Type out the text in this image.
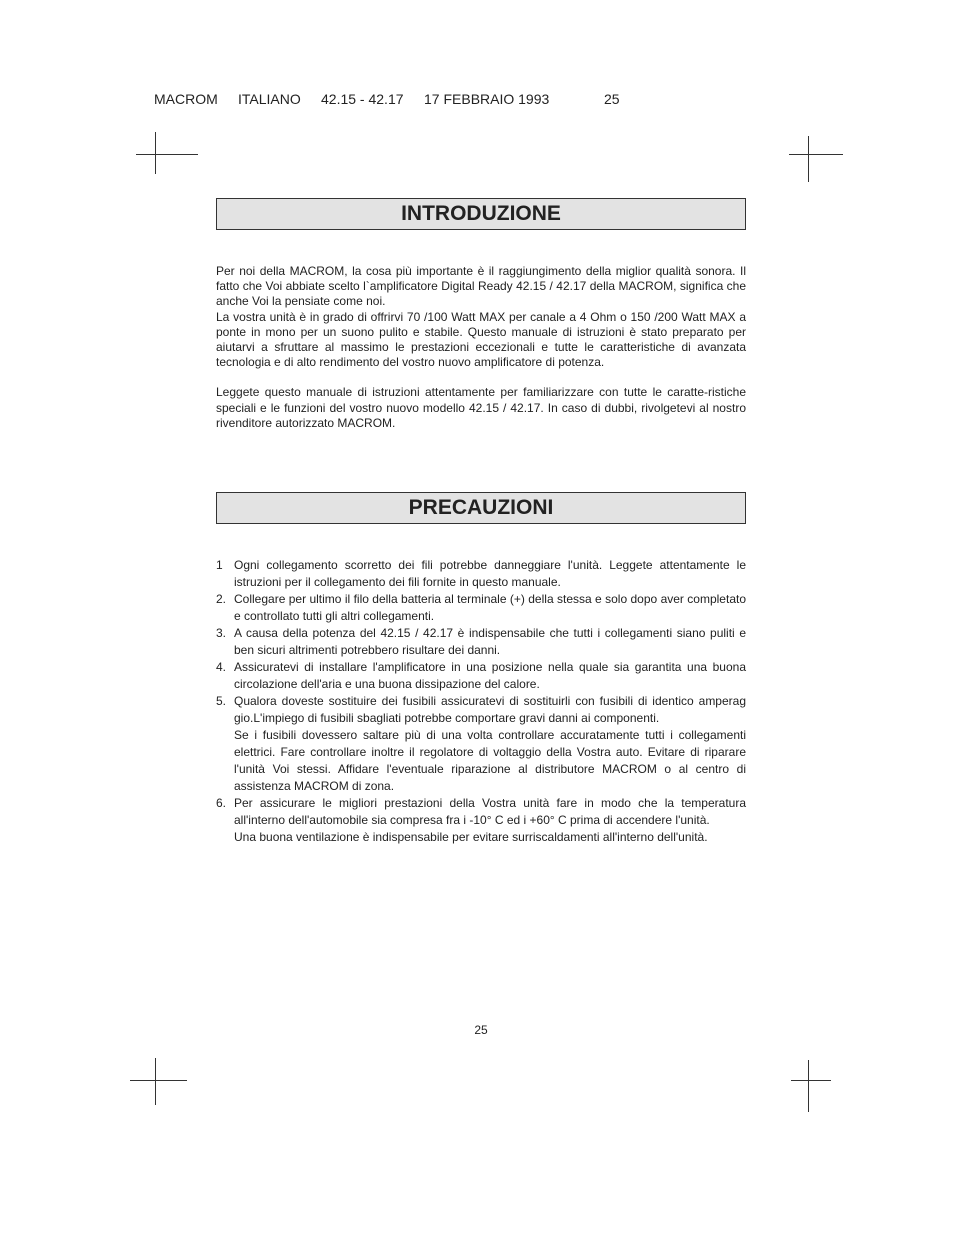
MACROM ITALIANO 42.15 - 42.17 17 FEBBRAIO 1993	25
INTRODUZIONE

Per noi della MACROM, la cosa più importante è il raggiungimento della miglior qualità sonora. Il fatto che Voi abbiate scelto l`amplificatore Digital Ready 42.15 / 42.17 della MACROM, significa che anche Voi la pensiate come noi.

La vostra unità è in grado di offrirvi 70 /100 Watt MAX per canale a 4 Ohm o 150 /200 Watt MAX a ponte in mono per un suono pulito e stabile. Questo manuale di istruzioni è stato preparato per aiutarvi a sfruttare al massimo le prestazioni eccezionali e tutte le caratteristiche di avanzata tecnologia e di alto rendimento del vostro nuovo amplificatore di potenza.

Leggete questo manuale di istruzioni attentamente per familiarizzare con tutte le caratte-ristiche speciali e le funzioni del vostro nuovo modello 42.15 / 42.17. In caso di dubbi, rivolgetevi al nostro rivenditore autorizzato MACROM.

PRECAUZIONI
1 Ogni collegamento scorretto dei fili potrebbe danneggiare l'unità. Leggete attentamente le istruzioni per il collegamento dei fili fornite in questo manuale.
2. Collegare per ultimo il filo della batteria al terminale (+) della stessa e solo dopo aver completato e controllato tutti gli altri collegamenti.
3. A causa della potenza del 42.15 / 42.17 è indispensabile che tutti i collegamenti siano puliti e ben sicuri altrimenti potrebbero risultare dei danni.
4. Assicuratevi di installare l'amplificatore in una posizione nella quale sia garantita una buona circolazione dell'aria e una buona dissipazione del calore.
5. Qualora doveste sostituire dei fusibili assicuratevi di sostituirli con fusibili di identico amperag gio.L'impiego di fusibili sbagliati potrebbe comportare gravi danni ai componenti.
Se i fusibili dovessero saltare più di una volta controllare accuratamente tutti i collegamenti elettrici. Fare controllare inoltre il regolatore di voltaggio della Vostra auto. Evitare di riparare l'unità Voi stessi. Affidare l'eventuale riparazione al distributore MACROM o al centro di assistenza MACROM di zona.
6. Per assicurare le migliori prestazioni della Vostra unità fare in modo che la temperatura all'interno dell'automobile sia compresa fra i -10° C ed i +60° C prima di accendere l'unità.
Una buona ventilazione è indispensabile per evitare surriscaldamenti all'interno dell'unità.
25
